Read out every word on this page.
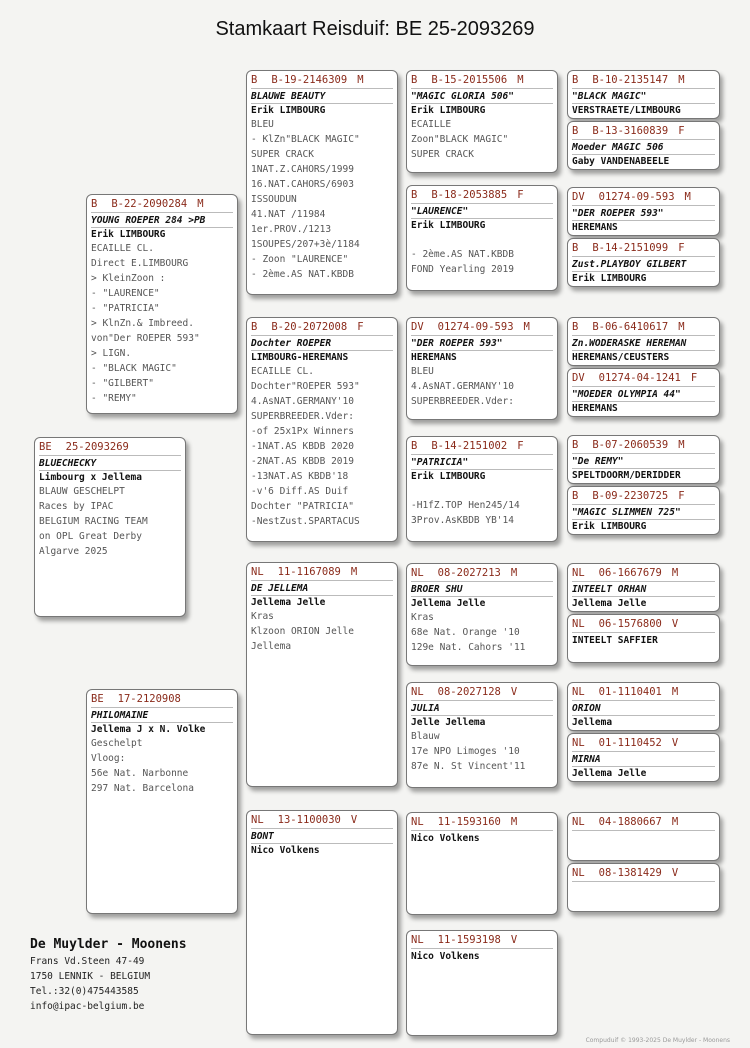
Stamkaart Reisduif: BE 25-2093269
BE 25-2093269
BLUECHECKY
Limbourg x Jellema
BLAUW GESCHELPT
Races by IPAC
BELGIUM RACING TEAM
on OPL Great Derby
Algarve 2025
B B-22-2090284 M
YOUNG ROEPER 284 >PB
Erik LIMBOURG
ECAILLE CL.
Direct E.LIMBOURG
> KleinZoon :
- "LAURENCE"
- "PATRICIA"
> KlnZn.& Imbreed.
von"Der ROEPER 593"
> LIGN.
- "BLACK MAGIC"
- "GILBERT"
- "REMY"
BE 17-2120908
PHILOMAINE
Jellema J x N. Volke
Geschelpt
Vloog:
56e Nat. Narbonne
297 Nat. Barcelona
B B-19-2146309 M
BLAUWE BEAUTY
Erik LIMBOURG
BLEU
- KlZn"BLACK MAGIC"
SUPER CRACK
1NAT.Z.CAHORS/1999
16.NAT.CAHORS/6903
ISSOUDUN
41.NAT /11984
1er.PROV./1213
1SOUPES/207+3è/1184
- Zoon "LAURENCE"
- 2ème.AS NAT.KBDB
B B-20-2072008 F
Dochter ROEPER
LIMBOURG-HEREMANS
ECAILLE CL.
Dochter"ROEPER 593"
4.AsNAT.GERMANY'10
SUPERBREEDER.Vder:
-of 25x1Px Winners
-1NAT.AS KBDB 2020
-2NAT.AS KBDB 2019
-13NAT.AS KBDB'18
-v'6 Diff.AS Duif
Dochter "PATRICIA"
-NestZust.SPARTACUS
NL 11-1167089 M
DE JELLEMA
Jellema Jelle
Kras
Klzoon ORION Jelle
Jellema
NL 13-1100030 V
BONT
Nico Volkens
B B-15-2015506 M
"MAGIC GLORIA 506"
Erik LIMBOURG
ECAILLE
Zoon"BLACK MAGIC"
SUPER CRACK
B B-18-2053885 F
"LAURENCE"
Erik LIMBOURG

- 2ème.AS NAT.KBDB
FOND Yearling 2019
DV 01274-09-593 M
"DER ROEPER 593"
HEREMANS
BLEU
4.AsNAT.GERMANY'10
SUPERBREEDER.Vder:
B B-14-2151002 F
"PATRICIA"
Erik LIMBOURG

-H1fZ.TOP Hen245/14
3Prov.AsKBDB YB'14
NL 08-2027213 M
BROER SHU
Jellema Jelle
Kras
68e Nat. Orange '10
129e Nat. Cahors '11
NL 08-2027128 V
JULIA
Jelle Jellema
Blauw
17e NPO Limoges '10
87e N. St Vincent'11
NL 11-1593160 M
Nico Volkens
NL 11-1593198 V
Nico Volkens
B B-10-2135147 M
"BLACK MAGIC"
VERSTRAETE/LIMBOURG
B B-13-3160839 F
Moeder MAGIC 506
Gaby VANDENABEELE
DV 01274-09-593 M
"DER ROEPER 593"
HEREMANS
B B-14-2151099 F
Zust.PLAYBOY GILBERT
Erik LIMBOURG
B B-06-6410617 M
Zn.WODERASKE HEREMAN
HEREMANS/CEUSTERS
DV 01274-04-1241 F
"MOEDER OLYMPIA 44"
HEREMANS
B B-07-2060539 M
"De REMY"
SPELTDOORM/DERIDDER
B B-09-2230725 F
"MAGIC SLIMMEN 725"
Erik LIMBOURG
NL 06-1667679 M
INTEELT ORHAN
Jellema Jelle
NL 06-1576800 V
INTEELT SAFFIER
NL 01-1110401 M
ORION
Jellema
NL 01-1110452 V
MIRNA
Jellema Jelle
NL 04-1880667 M
NL 08-1381429 V
De Muylder - Moonens
Frans Vd.Steen 47-49
1750 LENNIK - BELGIUM
Tel.:32(0)475443585
info@ipac-belgium.be
Compuduif © 1993-2025 De Muylder - Moonens
